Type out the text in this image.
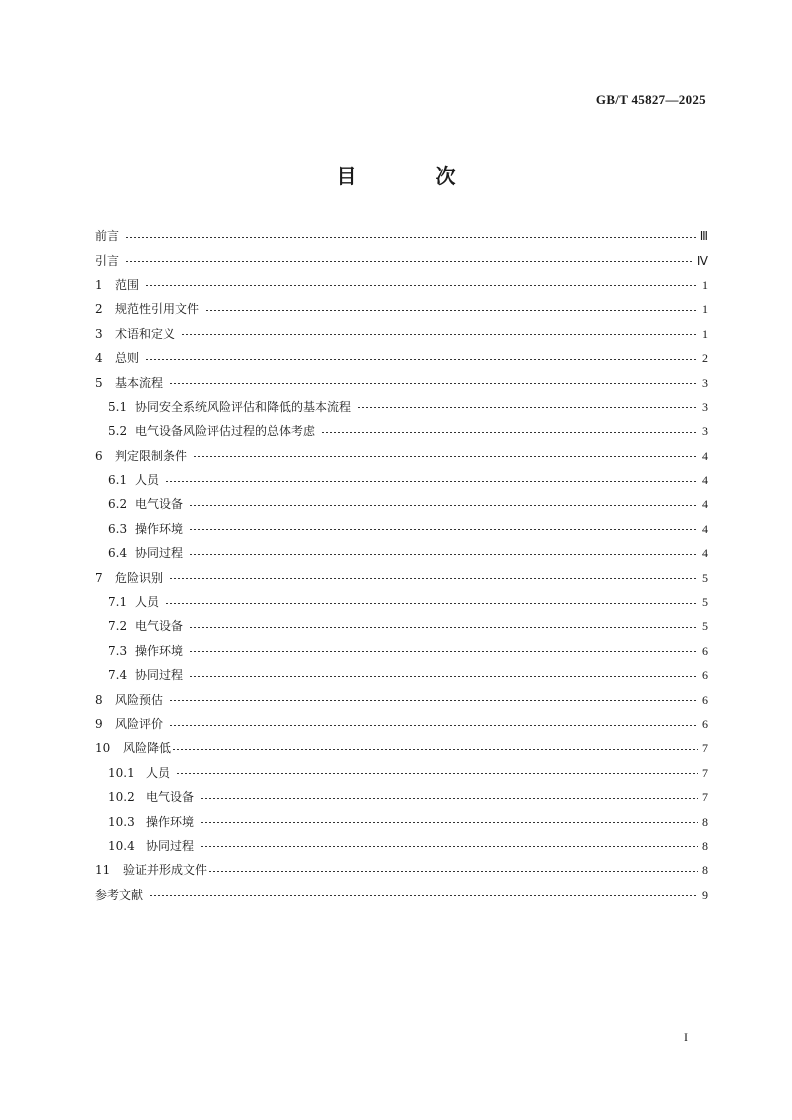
GB/T 45827—2025
目 次
前言	Ⅲ
引言	Ⅳ
1	范围	1
2	规范性引用文件	1
3	术语和定义	1
4	总则	2
5	基本流程	3
5.1 协同安全系统风险评估和降低的基本流程	3
5.2 电气设备风险评估过程的总体考虑	3
6	判定限制条件	4
6.1 人员	4
6.2 电气设备	4
6.3 操作环境	4
6.4 协同过程	4
7	危险识别	5
7.1 人员	5
7.2 电气设备	5
7.3 操作环境	6
7.4 协同过程	6
8	风险预估	6
9	风险评价	6
10	风险降低	7
10.1 人员	7
10.2 电气设备	7
10.3 操作环境	8
10.4 协同过程	8
11	验证并形成文件	8
参考文献	9
I
